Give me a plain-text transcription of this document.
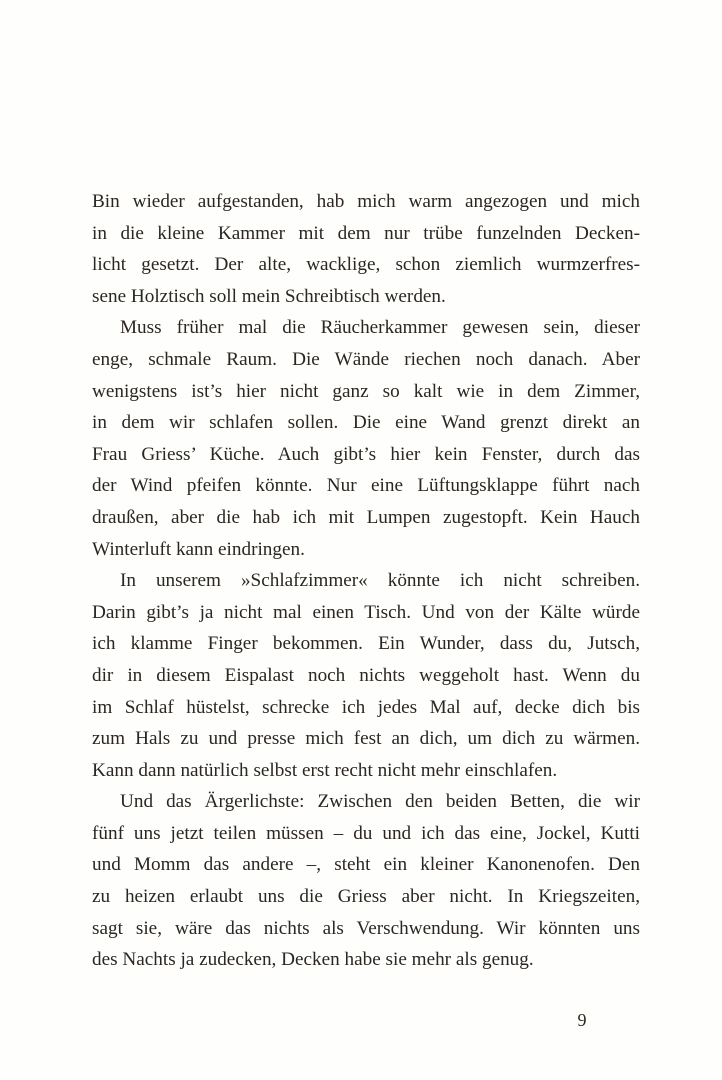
Bin wieder aufgestanden, hab mich warm angezogen und mich
in die kleine Kammer mit dem nur trübe funzelnden Decken-
licht gesetzt. Der alte, wacklige, schon ziemlich wurmzerfres-
sene Holztisch soll mein Schreibtisch werden.
Muss früher mal die Räucherkammer gewesen sein, dieser
enge, schmale Raum. Die Wände riechen noch danach. Aber
wenigstens ist’s hier nicht ganz so kalt wie in dem Zimmer,
in dem wir schlafen sollen. Die eine Wand grenzt direkt an
Frau Griess’ Küche. Auch gibt’s hier kein Fenster, durch das
der Wind pfeifen könnte. Nur eine Lüftungsklappe führt nach
draußen, aber die hab ich mit Lumpen zugestopft. Kein Hauch
Winterluft kann eindringen.
In unserem »Schlafzimmer« könnte ich nicht schreiben.
Darin gibt’s ja nicht mal einen Tisch. Und von der Kälte würde
ich klamme Finger bekommen. Ein Wunder, dass du, Jutsch,
dir in diesem Eispalast noch nichts weggeholt hast. Wenn du
im Schlaf hüstelst, schrecke ich jedes Mal auf, decke dich bis
zum Hals zu und presse mich fest an dich, um dich zu wärmen.
Kann dann natürlich selbst erst recht nicht mehr einschlafen.
Und das Ärgerlichste: Zwischen den beiden Betten, die wir
fünf uns jetzt teilen müssen – du und ich das eine, Jockel, Kutti
und Momm das andere –, steht ein kleiner Kanonenofen. Den
zu heizen erlaubt uns die Griess aber nicht. In Kriegszeiten,
sagt sie, wäre das nichts als Verschwendung. Wir könnten uns
des Nachts ja zudecken, Decken habe sie mehr als genug.
9
